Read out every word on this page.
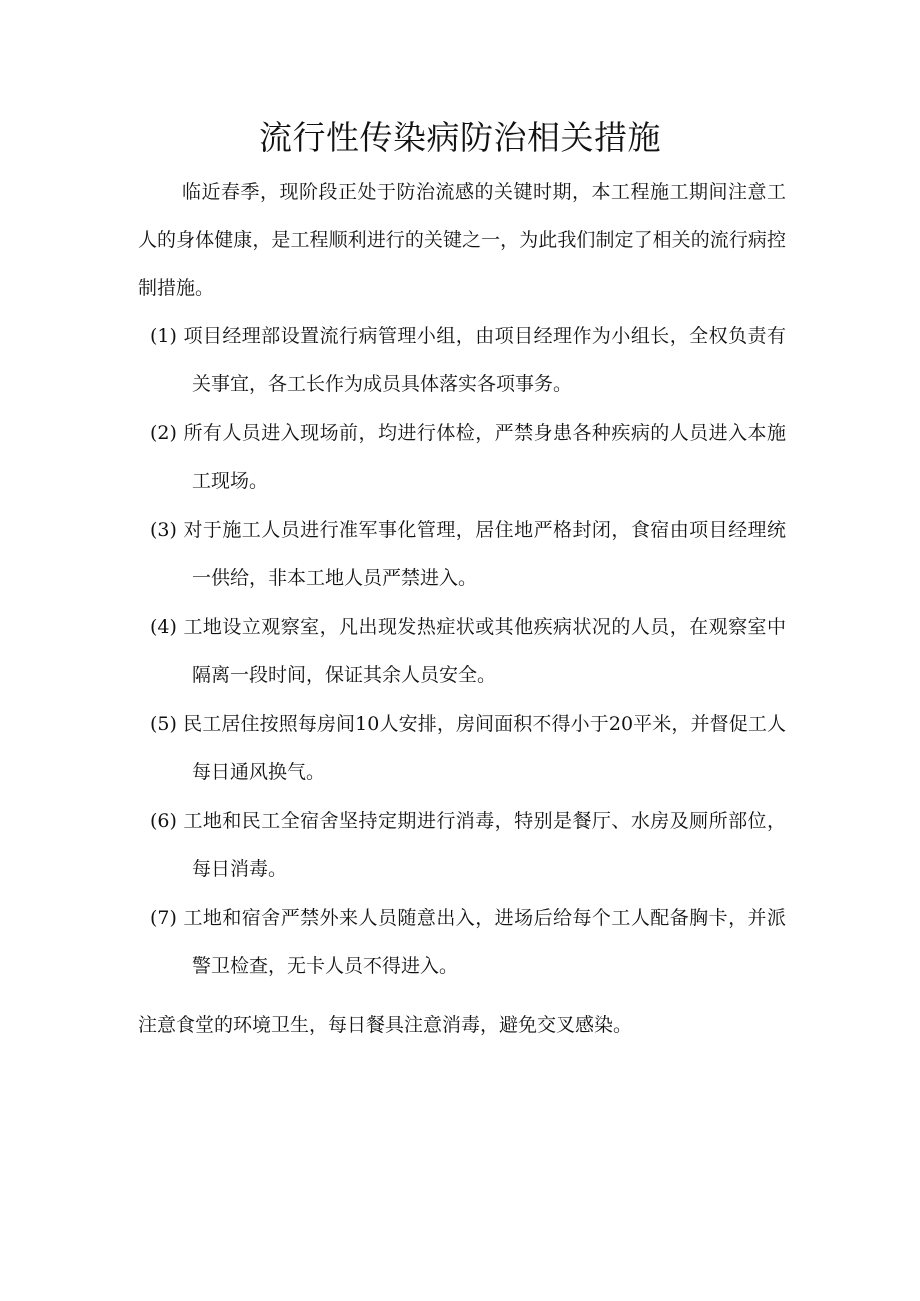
流行性传染病防治相关措施

临近春季，现阶段正处于防治流感的关键时期，本工程施工期间注意工人的身体健康，是工程顺利进行的关键之一，为此我们制定了相关的流行病控制措施。

(1) 项目经理部设置流行病管理小组，由项目经理作为小组长，全权负责有关事宜，各工长作为成员具体落实各项事务。
(2) 所有人员进入现场前，均进行体检，严禁身患各种疾病的人员进入本施工现场。
(3) 对于施工人员进行准军事化管理，居住地严格封闭，食宿由项目经理统一供给，非本工地人员严禁进入。
(4) 工地设立观察室，凡出现发热症状或其他疾病状况的人员，在观察室中隔离一段时间，保证其余人员安全。
(5) 民工居住按照每房间10人安排，房间面积不得小于20平米，并督促工人每日通风换气。
(6) 工地和民工全宿舍坚持定期进行消毒，特别是餐厅、水房及厕所部位，每日消毒。
(7) 工地和宿舍严禁外来人员随意出入，进场后给每个工人配备胸卡，并派警卫检查，无卡人员不得进入。

注意食堂的环境卫生，每日餐具注意消毒，避免交叉感染。
